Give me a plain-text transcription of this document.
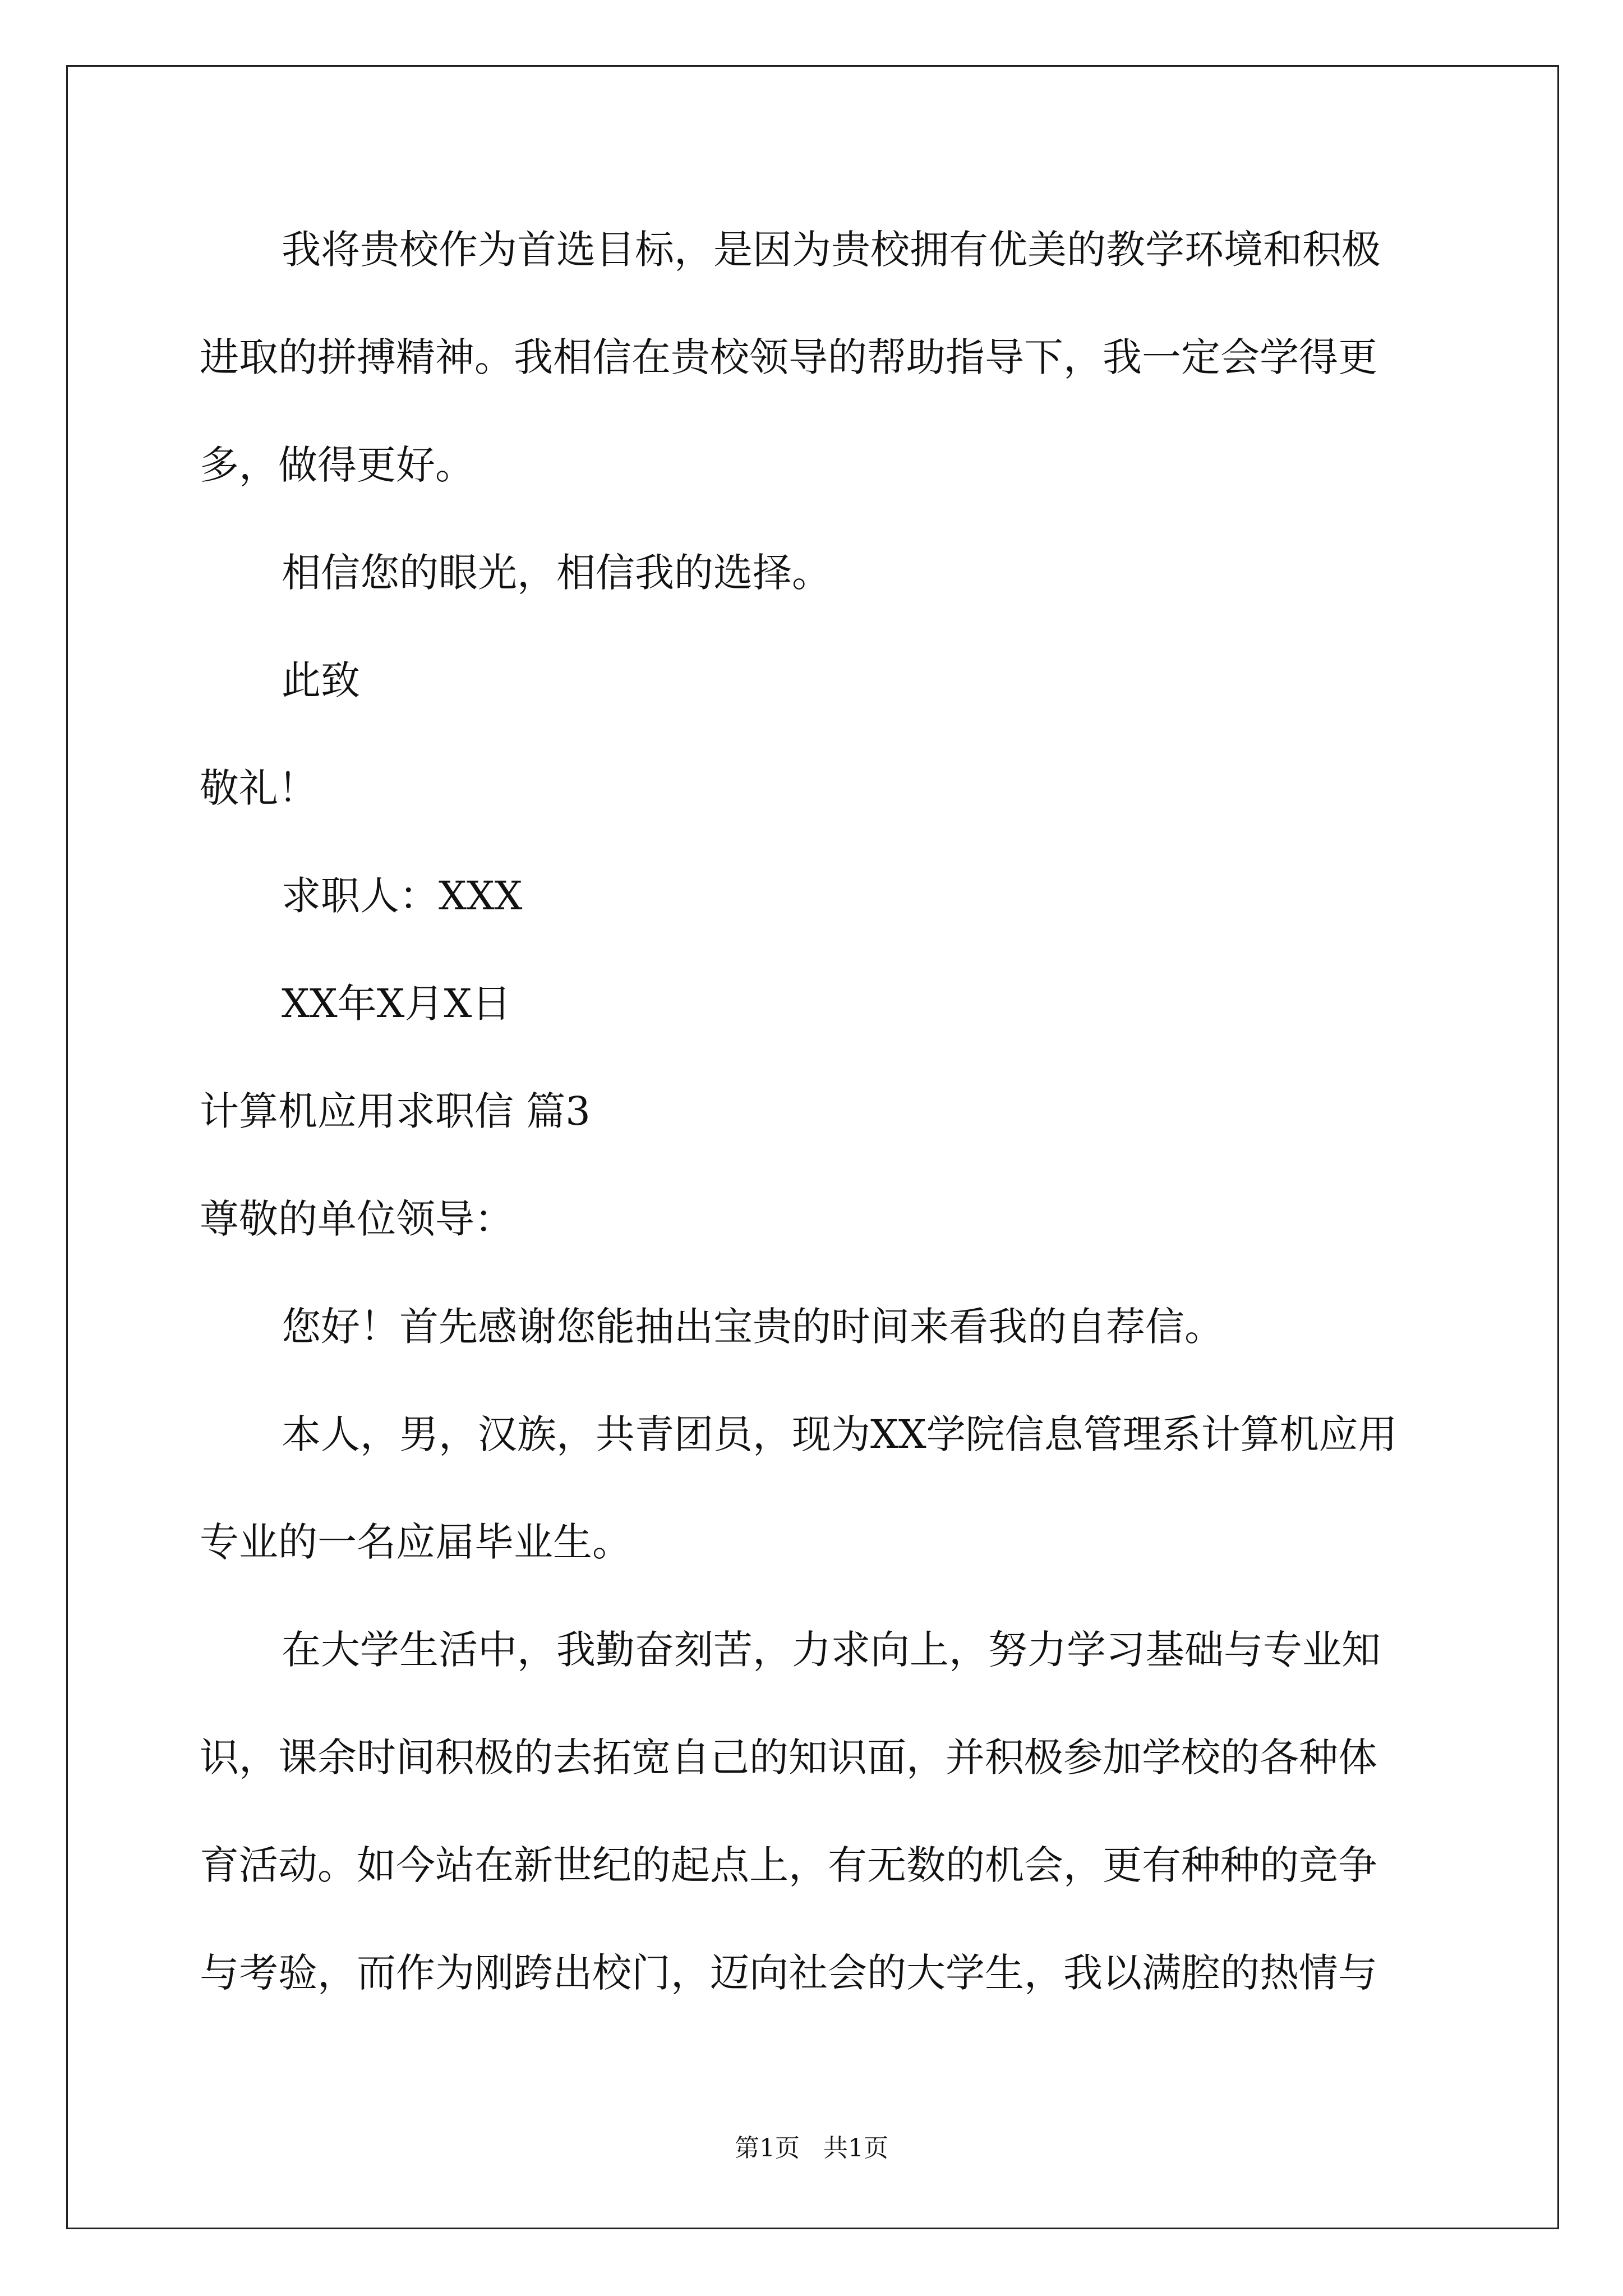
我将贵校作为首选目标，是因为贵校拥有优美的教学环境和积极
进取的拼搏精神。我相信在贵校领导的帮助指导下，我一定会学得更
多，做得更好。
相信您的眼光，相信我的选择。
此致
敬礼！
求职人：XXX
XX年X月X日
计算机应用求职信 篇3
尊敬的单位领导：
您好！首先感谢您能抽出宝贵的时间来看我的自荐信。
本人，男，汉族，共青团员，现为XX学院信息管理系计算机应用
专业的一名应届毕业生。
在大学生活中，我勤奋刻苦，力求向上，努力学习基础与专业知
识，课余时间积极的去拓宽自己的知识面，并积极参加学校的各种体
育活动。如今站在新世纪的起点上，有无数的机会，更有种种的竞争
与考验，而作为刚跨出校门，迈向社会的大学生，我以满腔的热情与
第1页   共1页
